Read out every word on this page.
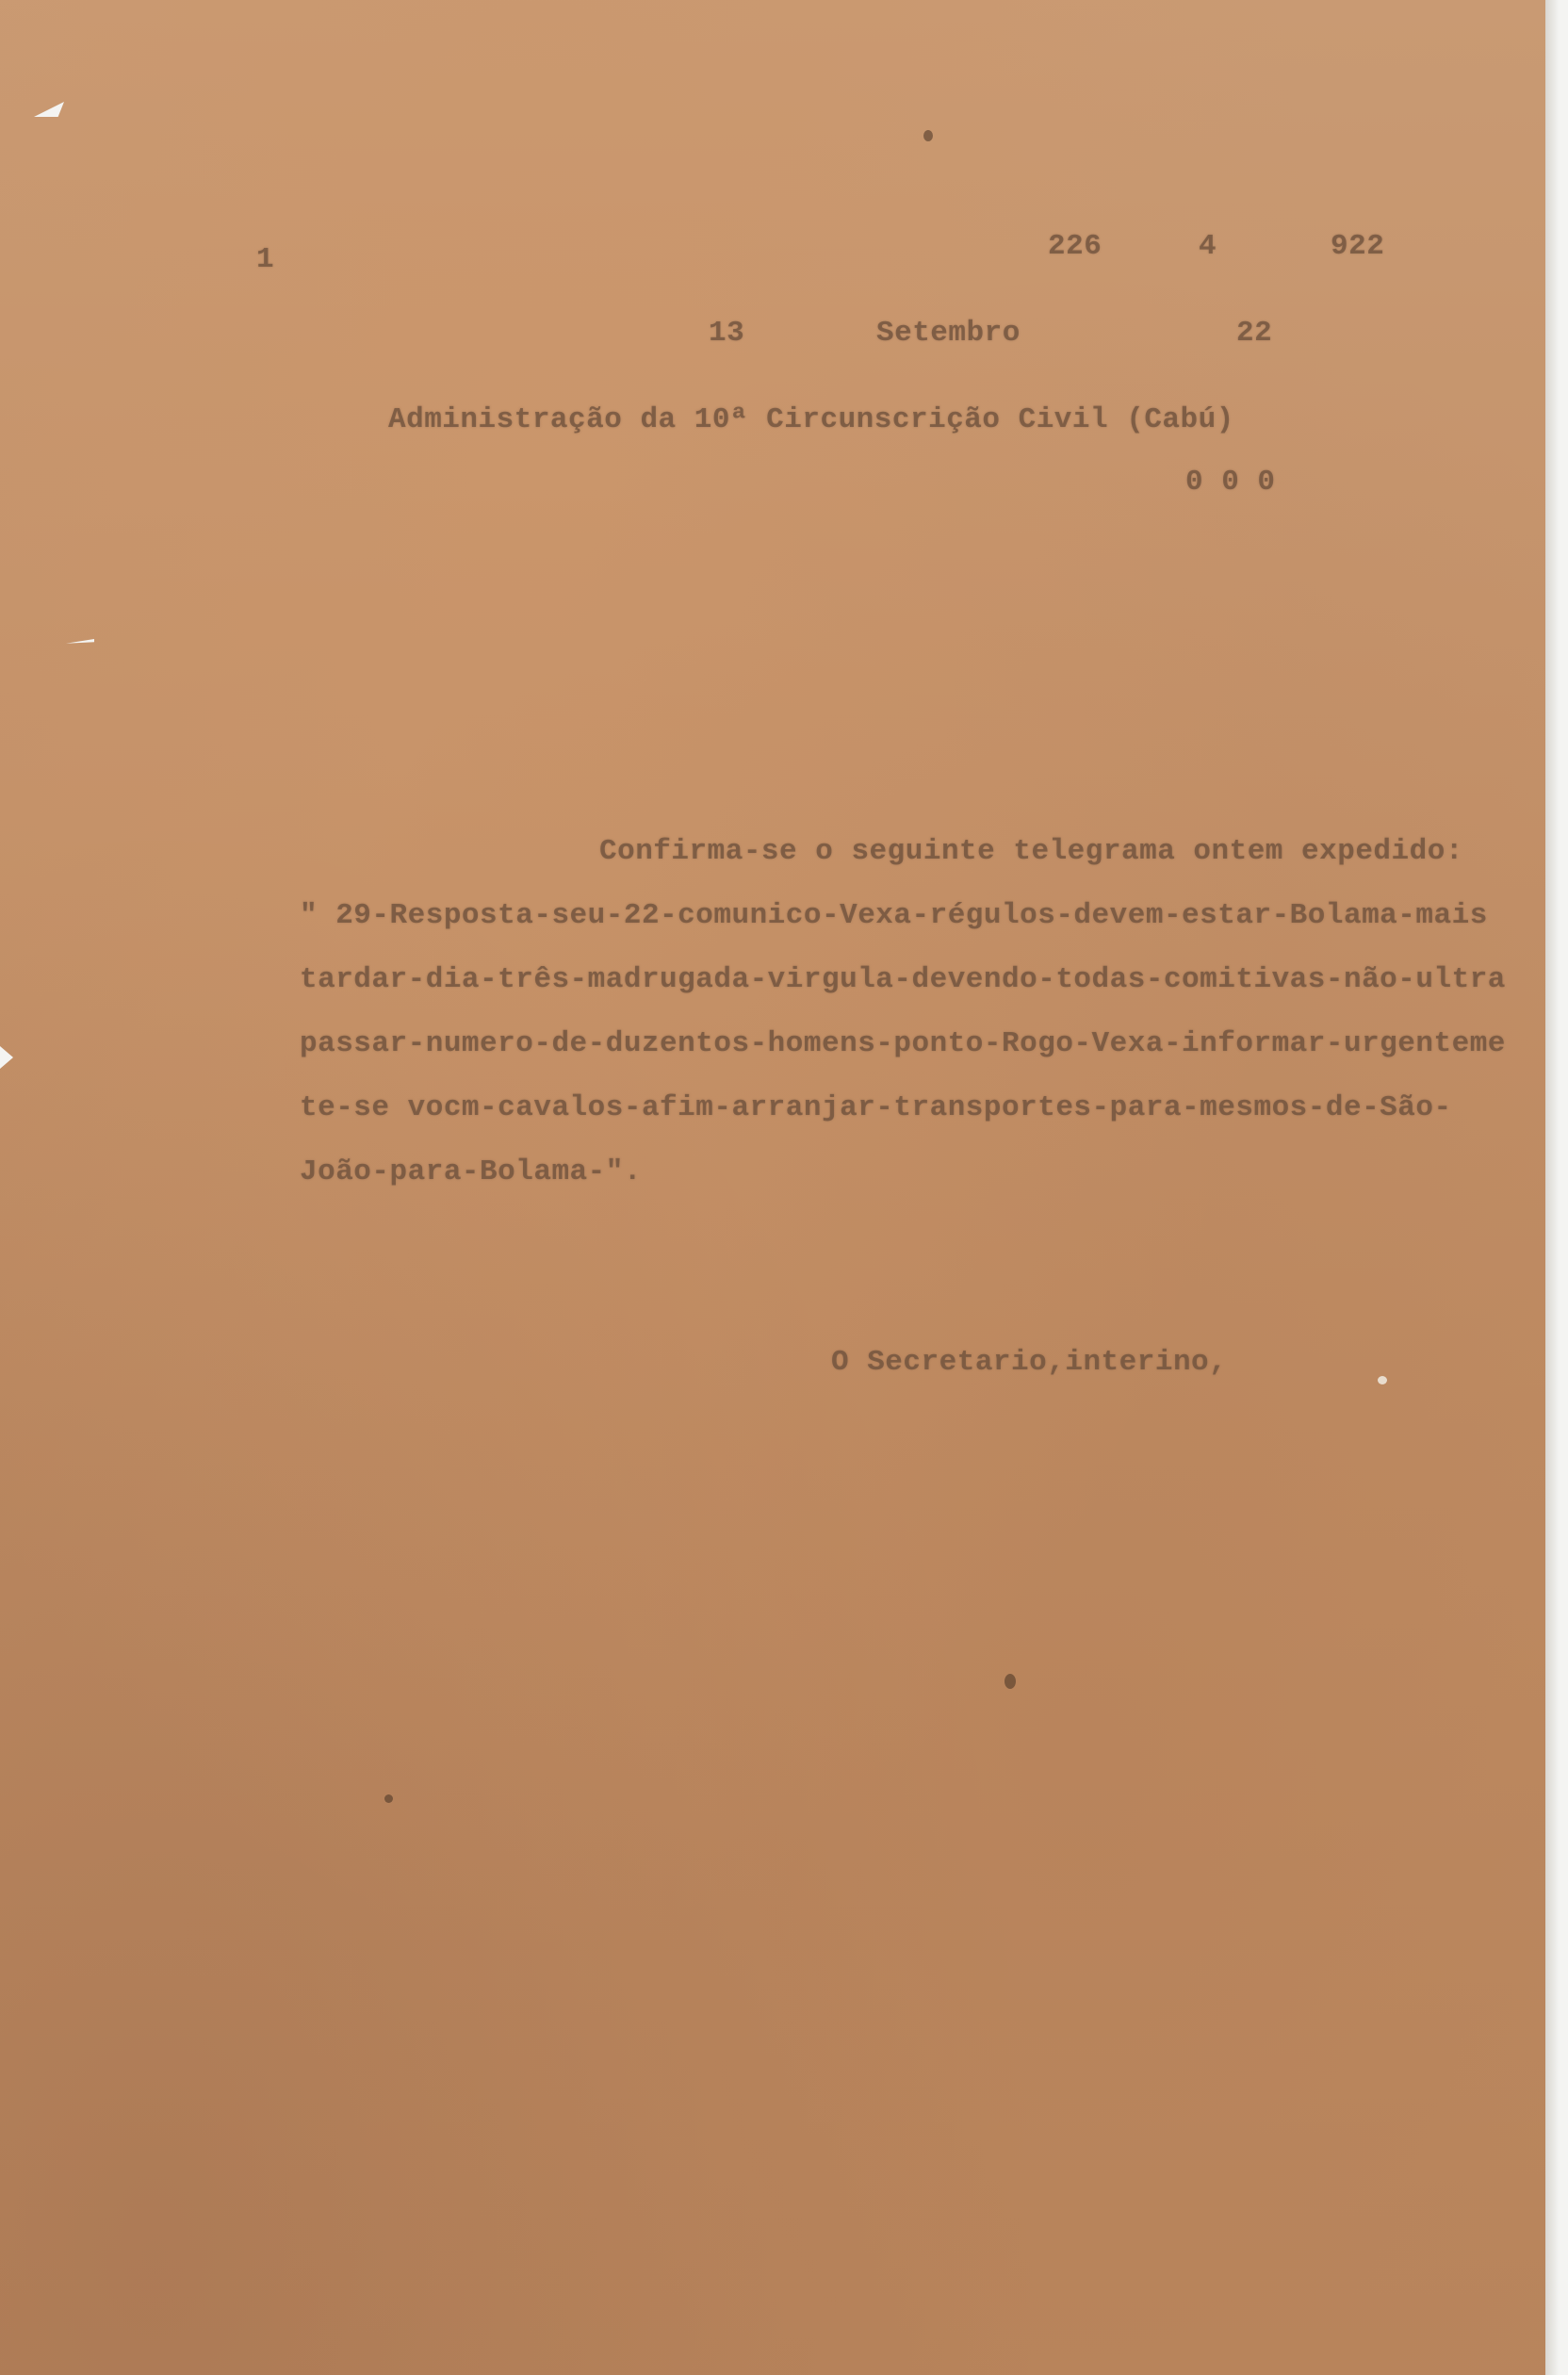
1	226	4	922
13	Setembro	22
Administração da 10ª Circunscrição Civil (Cabú)
0 0 0
Confirma-se o seguinte telegrama ontem expedido:
" 29-Resposta-seu-22-comunico-Vexa-régulos-devem-estar-Bolama-mais
tardar-dia-três-madrugada-virgula-devendo-todas-comitivas-não-ultra
passar-numero-de-duzentos-homens-ponto-Rogo-Vexa-informar-urgenteme
te-se vocm-cavalos-afim-arranjar-transportes-para-mesmos-de-São-
João-para-Bolama-".
O Secretario,interino,
